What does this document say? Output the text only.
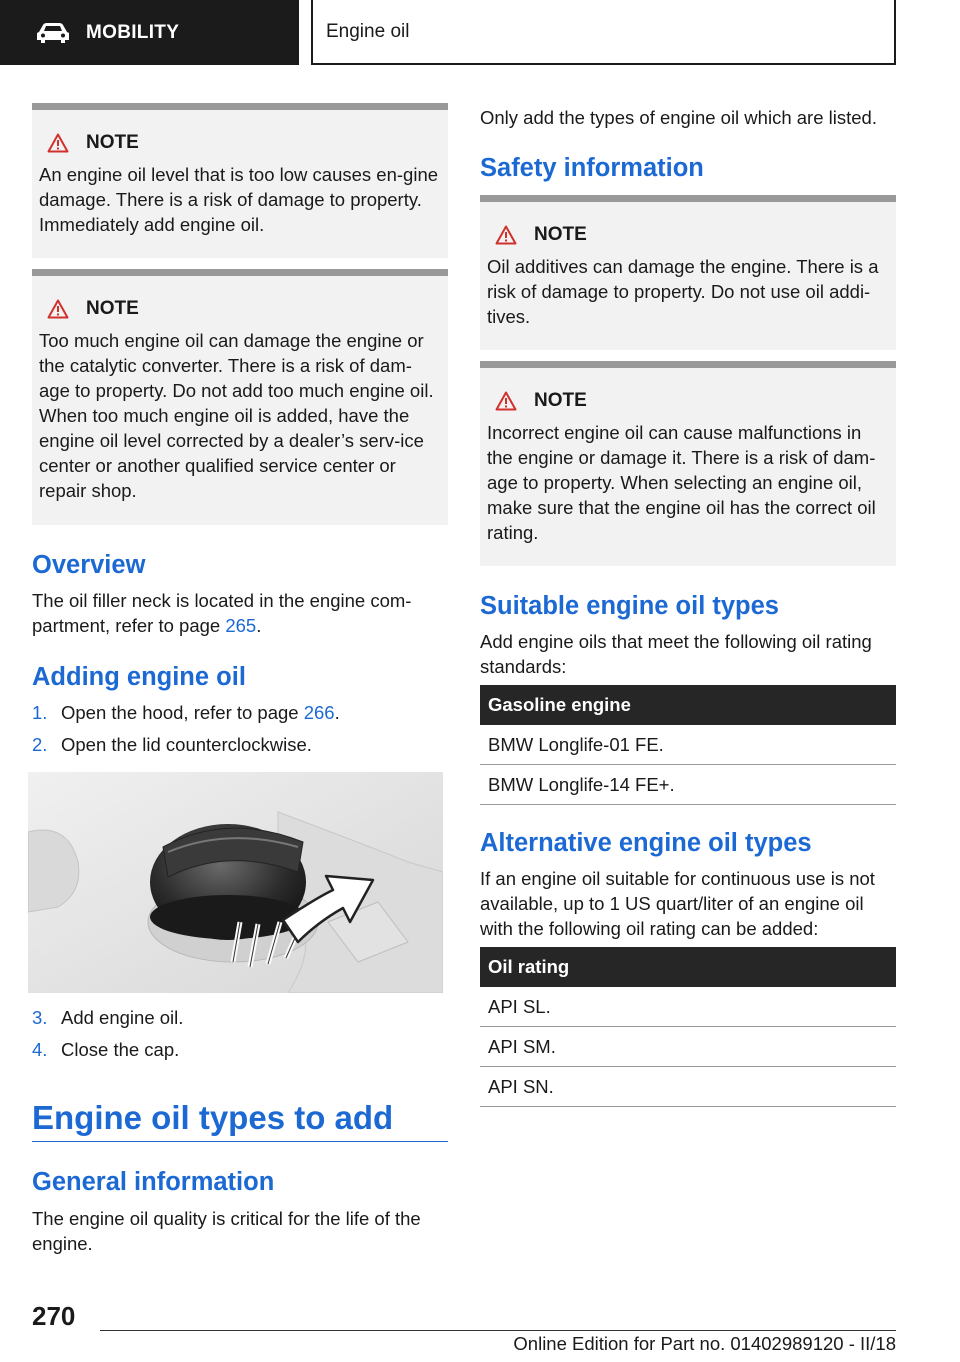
MOBILITY	Engine oil
NOTE
An engine oil level that is too low causes en‐gine damage. There is a risk of damage to property. Immediately add engine oil.
NOTE
Too much engine oil can damage the engine or the catalytic converter. There is a risk of dam‐age to property. Do not add too much engine oil. When too much engine oil is added, have the engine oil level corrected by a dealer’s serv‐ice center or another qualified service center or repair shop.
Overview
The oil filler neck is located in the engine com‐partment, refer to page 265.
Adding engine oil
1. Open the hood, refer to page 266.
2. Open the lid counterclockwise.
3. Add engine oil.
4. Close the cap.
Engine oil types to add
General information
The engine oil quality is critical for the life of the engine.
Only add the types of engine oil which are listed.
Safety information
NOTE
Oil additives can damage the engine. There is a risk of damage to property. Do not use oil addi‐tives.
NOTE
Incorrect engine oil can cause malfunctions in the engine or damage it. There is a risk of dam‐age to property. When selecting an engine oil, make sure that the engine oil has the correct oil rating.
Suitable engine oil types
Add engine oils that meet the following oil rating standards:
Gasoline engine
BMW Longlife-01 FE.
BMW Longlife-14 FE+.
Alternative engine oil types
If an engine oil suitable for continuous use is not available, up to 1 US quart/liter of an engine oil with the following oil rating can be added:
Oil rating
API SL.
API SM.
API SN.
270
Online Edition for Part no. 01402989120 - II/18
